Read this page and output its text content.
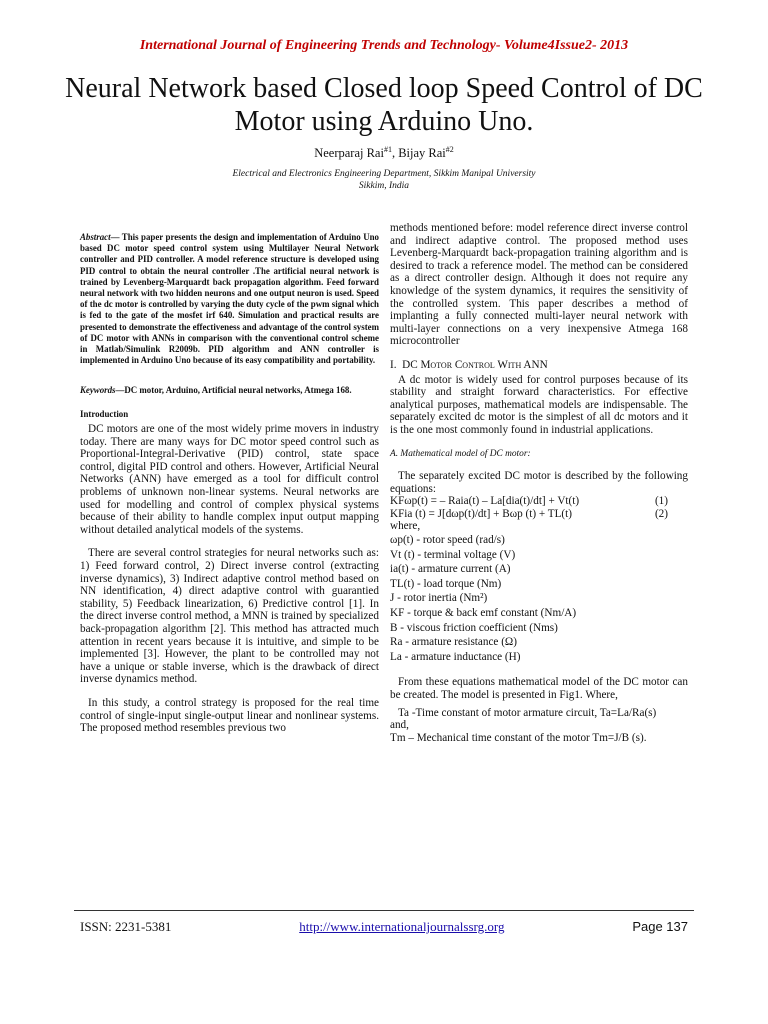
International Journal of Engineering Trends and Technology- Volume4Issue2- 2013
Neural Network based Closed loop Speed Control of DC Motor using Arduino Uno.
Neerparaj Rai$^{\#1}$, Bijay Rai$^{\#2}$
Electrical and Electronics Engineering Department, Sikkim Manipal University
Sikkim, India

Abstract— This paper presents the design and implementation of Arduino Uno based DC motor speed control system using Multilayer Neural Network controller and PID controller. A model reference structure is developed using PID control to obtain the neural controller .The artificial neural network is trained by Levenberg-Marquardt back propagation algorithm. Feed forward neural network with two hidden neurons and one output neuron is used. Speed of the dc motor is controlled by varying the duty cycle of the pwm signal which is fed to the gate of the mosfet irf 640. Simulation and practical results are presented to demonstrate the effectiveness and advantage of the control system of DC motor with ANNs in comparison with the conventional control scheme in Matlab/Simulink R2009b. PID algorithm and ANN controller is implemented in Arduino Uno because of its easy compatibility and portability.

Keywords—DC motor, Arduino, Artificial neural networks, Atmega 168.

Introduction

DC motors are one of the most widely prime movers in industry today. There are many ways for DC motor speed control such as Proportional-Integral-Derivative (PID) control, state space control, digital PID control and others. However, Artificial Neural Networks (ANN) have emerged as a tool for difficult control problems of unknown non-linear systems. Neural networks are used for modelling and control of complex physical systems because of their ability to handle complex input output mapping without detailed analytical models of the systems.

There are several control strategies for neural networks such as: 1) Feed forward control, 2) Direct inverse control (extracting inverse dynamics), 3) Indirect adaptive control method based on NN identification, 4) direct adaptive control with guarantied stability, 5) Feedback linearization, 6) Predictive control [1]. In the direct inverse control method, a MNN is trained by specialized back-propagation algorithm [2]. This method has attracted much attention in recent years because it is intuitive, and simple to be implemented [3]. However, the plant to be controlled may not have a unique or stable inverse, which is the drawback of direct inverse dynamics method.

In this study, a control strategy is proposed for the real time control of single-input single-output linear and nonlinear systems. The proposed method resembles previous two

methods mentioned before: model reference direct inverse control and indirect adaptive control. The proposed method uses Levenberg-Marquardt back-propagation training algorithm and is desired to track a reference model. The method can be considered as a direct controller design. Although it does not require any knowledge of the system dynamics, it requires the sensitivity of the controlled system. This paper describes a method of implanting a fully connected multi-layer neural network with multi-layer connections on a very inexpensive Atmega 168 microcontroller

I. DC Motor Control With ANN

A dc motor is widely used for control purposes because of its stability and straight forward characteristics. For effective analytical purposes, mathematical models are indispensable. The separately excited dc motor is the simplest of all dc motors and it is the one most commonly found in industrial applications.

A. Mathematical model of DC motor:
The separately excited DC motor is described by the following equations:
KFωp(t) = – Raia(t) – La[dia(t)/dt] + Vt(t)	(1)
KFia (t) = J[dωp(t)/dt] + Bωp (t) + TL(t)	(2)
where,
ωp(t) - rotor speed (rad/s)
Vt (t) - terminal voltage (V)
ia(t) - armature current (A)
TL(t) - load torque (Nm)
J - rotor inertia (Nm²)
KF - torque & back emf constant (Nm/A)
B - viscous friction coefficient (Nms)
Ra - armature resistance (Ω)
La - armature inductance (H)

From these equations mathematical model of the DC motor can be created. The model is presented in Fig1. Where,

Ta -Time constant of motor armature circuit, Ta=La/Ra(s)
and,
Tm – Mechanical time constant of the motor Tm=J/B (s).
ISSN: 2231-5381	http://www.internationaljournalssrg.org	Page 137
